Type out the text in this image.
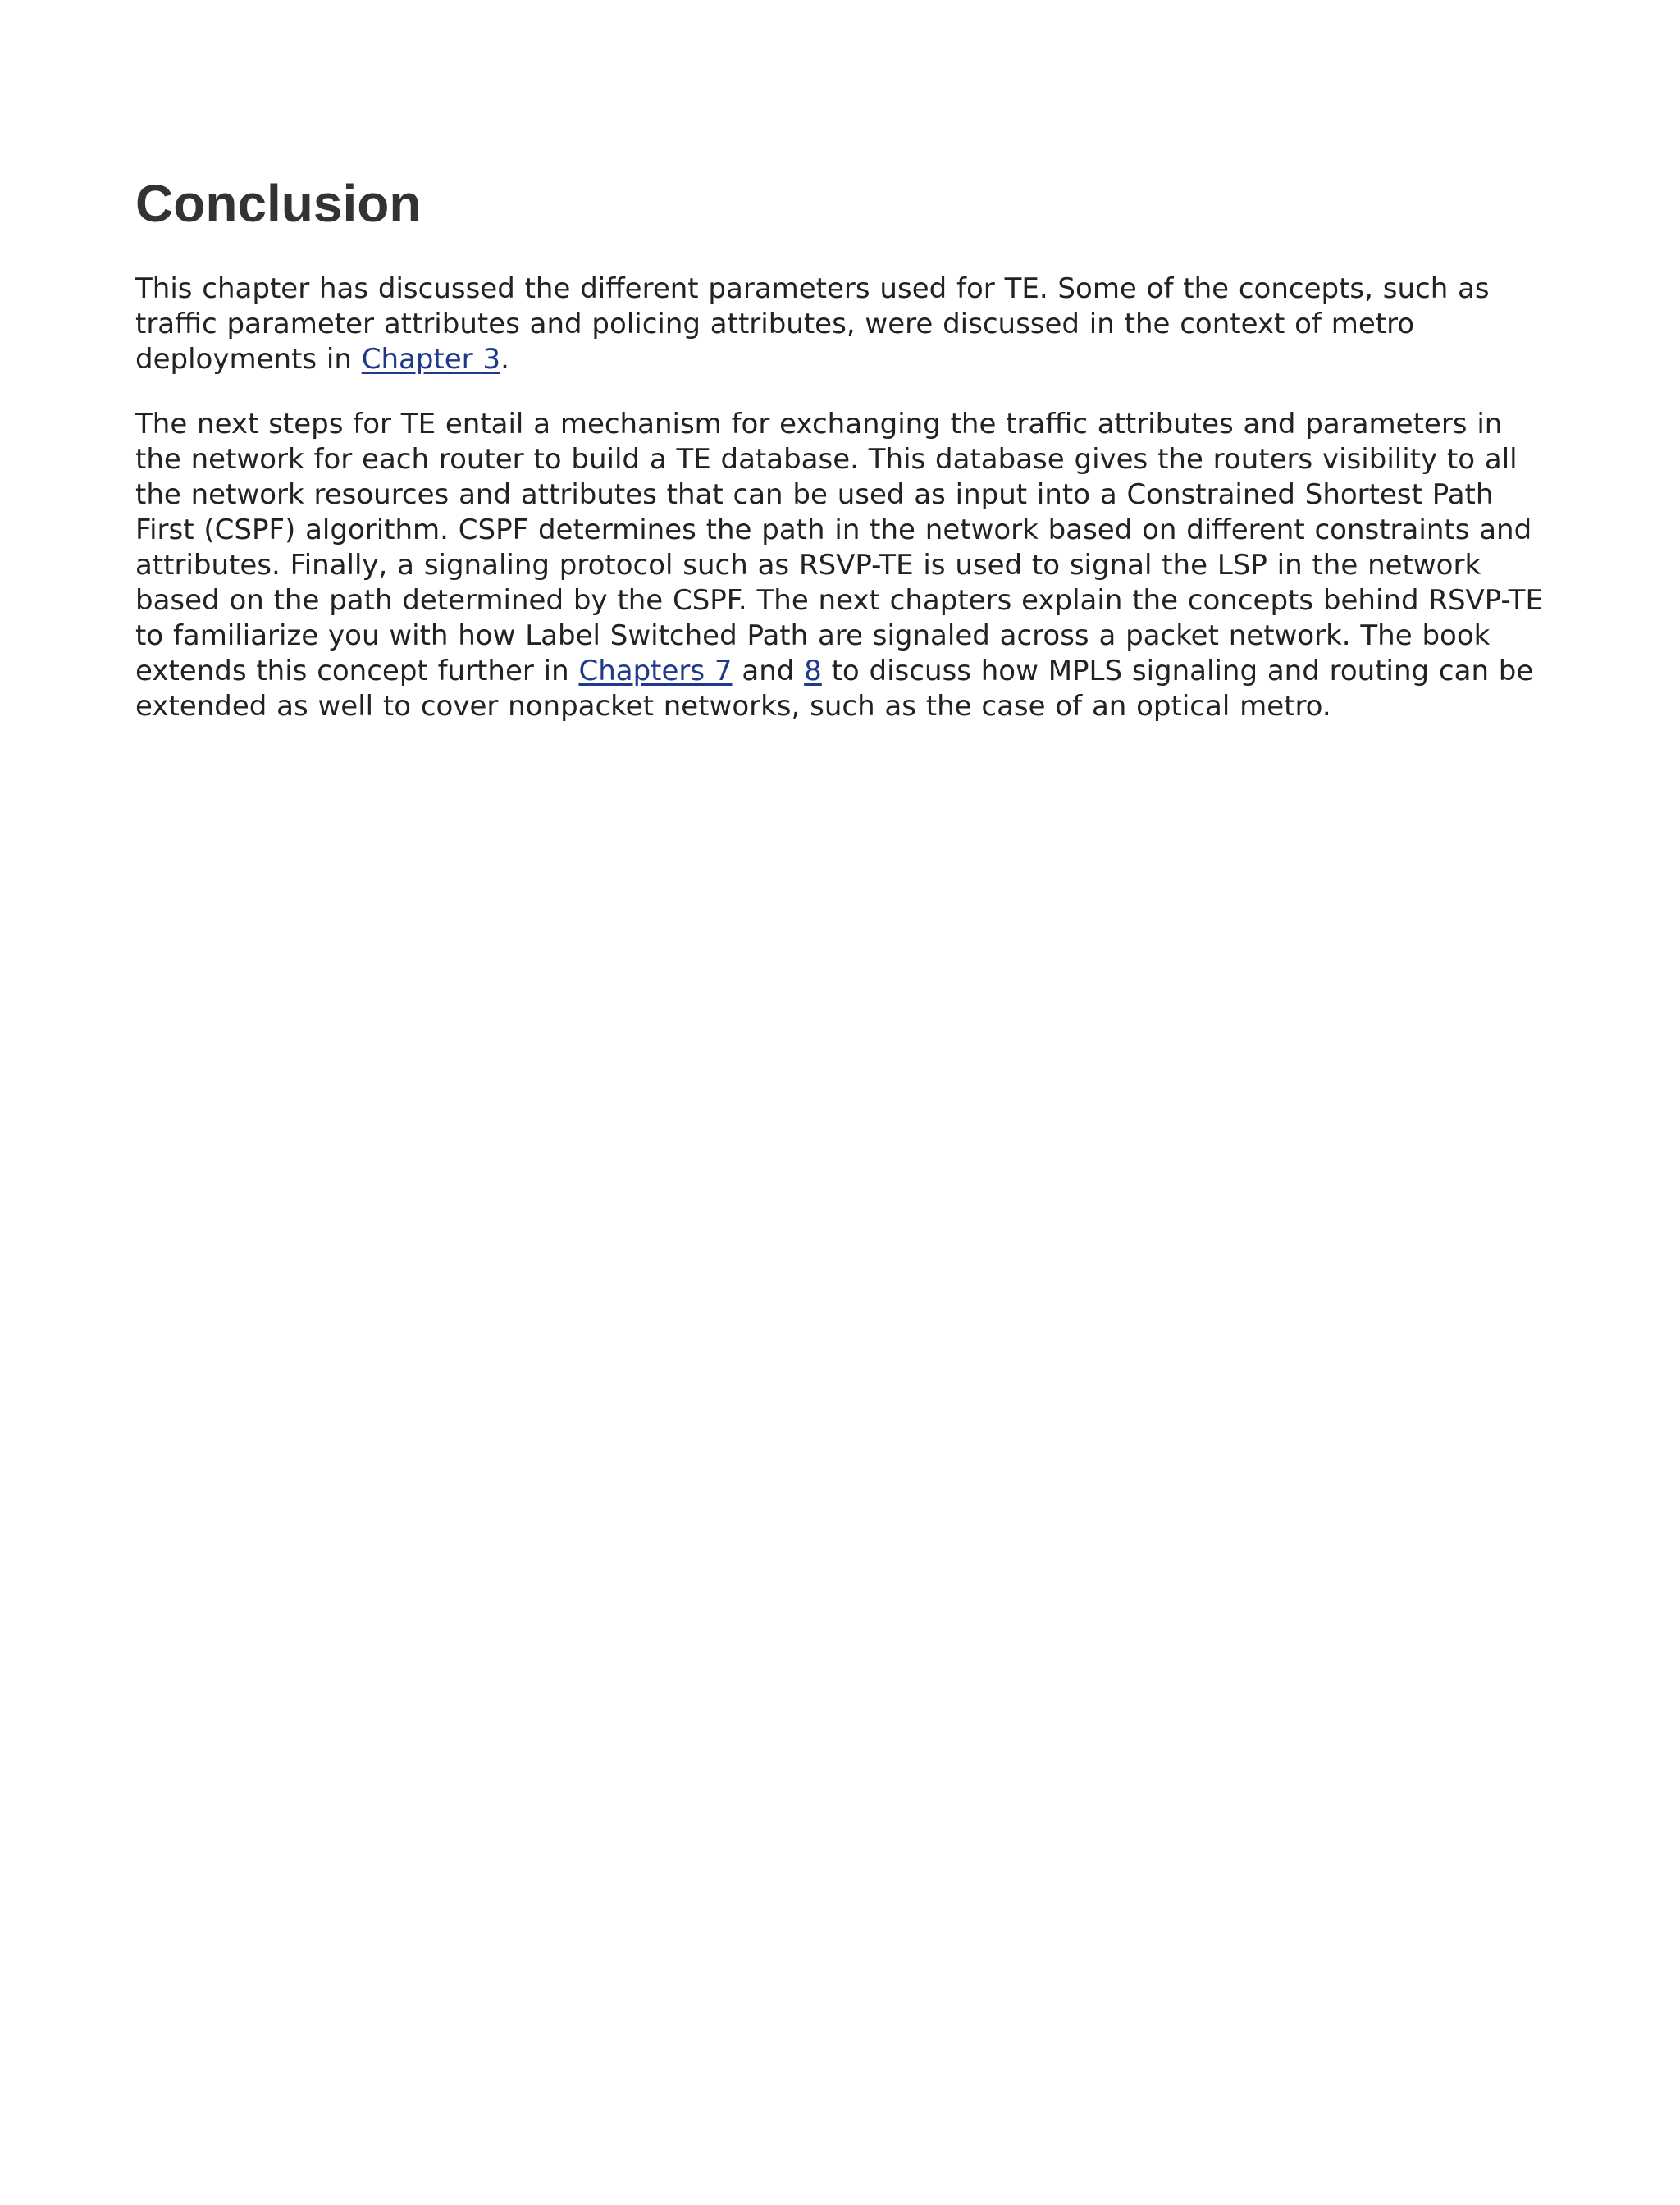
Conclusion

This chapter has discussed the different parameters used for TE. Some of the concepts, such as traffic parameter attributes and policing attributes, were discussed in the context of metro deployments in Chapter 3.

The next steps for TE entail a mechanism for exchanging the traffic attributes and parameters in the network for each router to build a TE database. This database gives the routers visibility to all the network resources and attributes that can be used as input into a Constrained Shortest Path First (CSPF) algorithm. CSPF determines the path in the network based on different constraints and attributes. Finally, a signaling protocol such as RSVP-TE is used to signal the LSP in the network based on the path determined by the CSPF. The next chapters explain the concepts behind RSVP-TE to familiarize you with how Label Switched Path are signaled across a packet network. The book extends this concept further in Chapters 7 and 8 to discuss how MPLS signaling and routing can be extended as well to cover nonpacket networks, such as the case of an optical metro.
